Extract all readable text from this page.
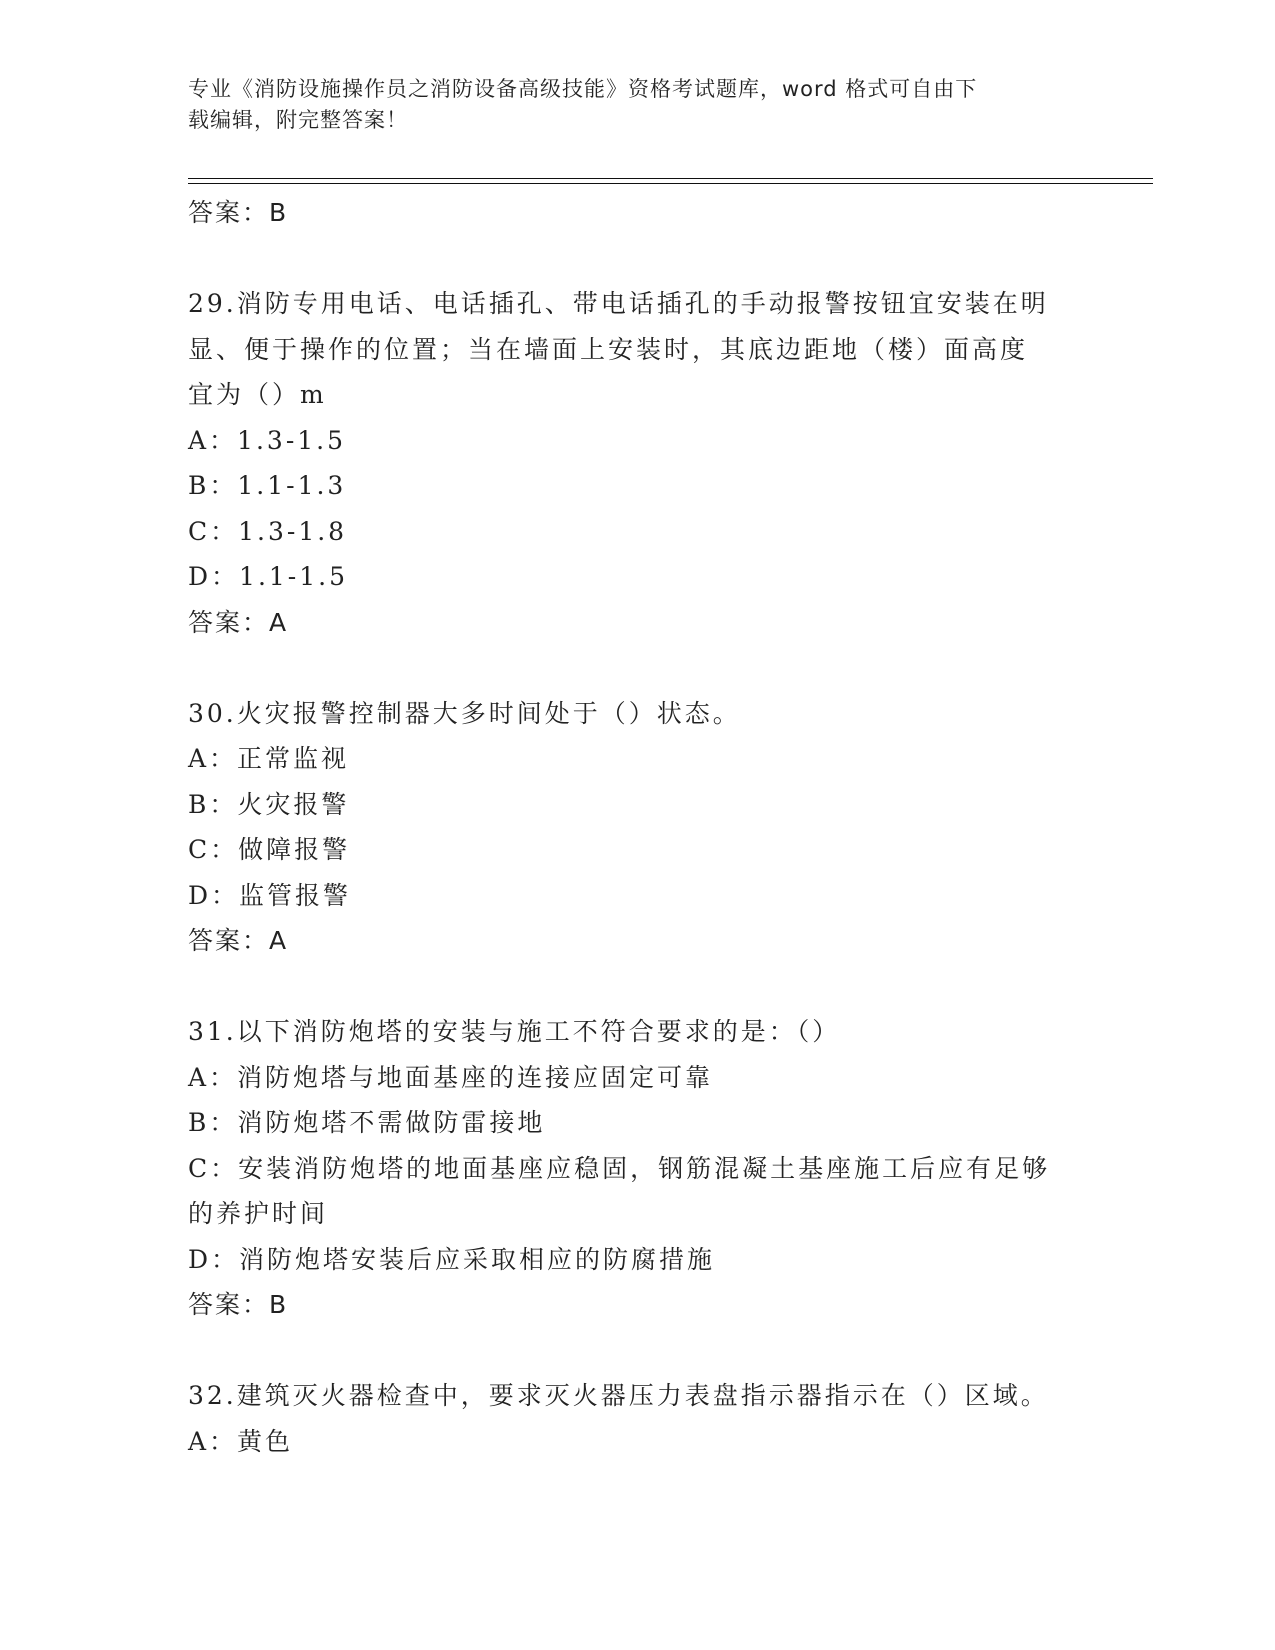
专业《消防设施操作员之消防设备高级技能》资格考试题库，word 格式可自由下
载编辑，附完整答案！
答案：B
29.消防专用电话、电话插孔、带电话插孔的手动报警按钮宜安装在明
显、便于操作的位置；当在墙面上安装时，其底边距地（楼）面高度
宜为（）m
A：1.3-1.5
B：1.1-1.3
C：1.3-1.8
D：1.1-1.5
答案：A
30.火灾报警控制器大多时间处于（）状态。
A：正常监视
B：火灾报警
C：做障报警
D：监管报警
答案：A
31.以下消防炮塔的安装与施工不符合要求的是：（）
A：消防炮塔与地面基座的连接应固定可靠
B：消防炮塔不需做防雷接地
C：安装消防炮塔的地面基座应稳固，钢筋混凝土基座施工后应有足够
的养护时间
D：消防炮塔安装后应采取相应的防腐措施
答案：B
32.建筑灭火器检查中，要求灭火器压力表盘指示器指示在（）区域。
A：黄色
